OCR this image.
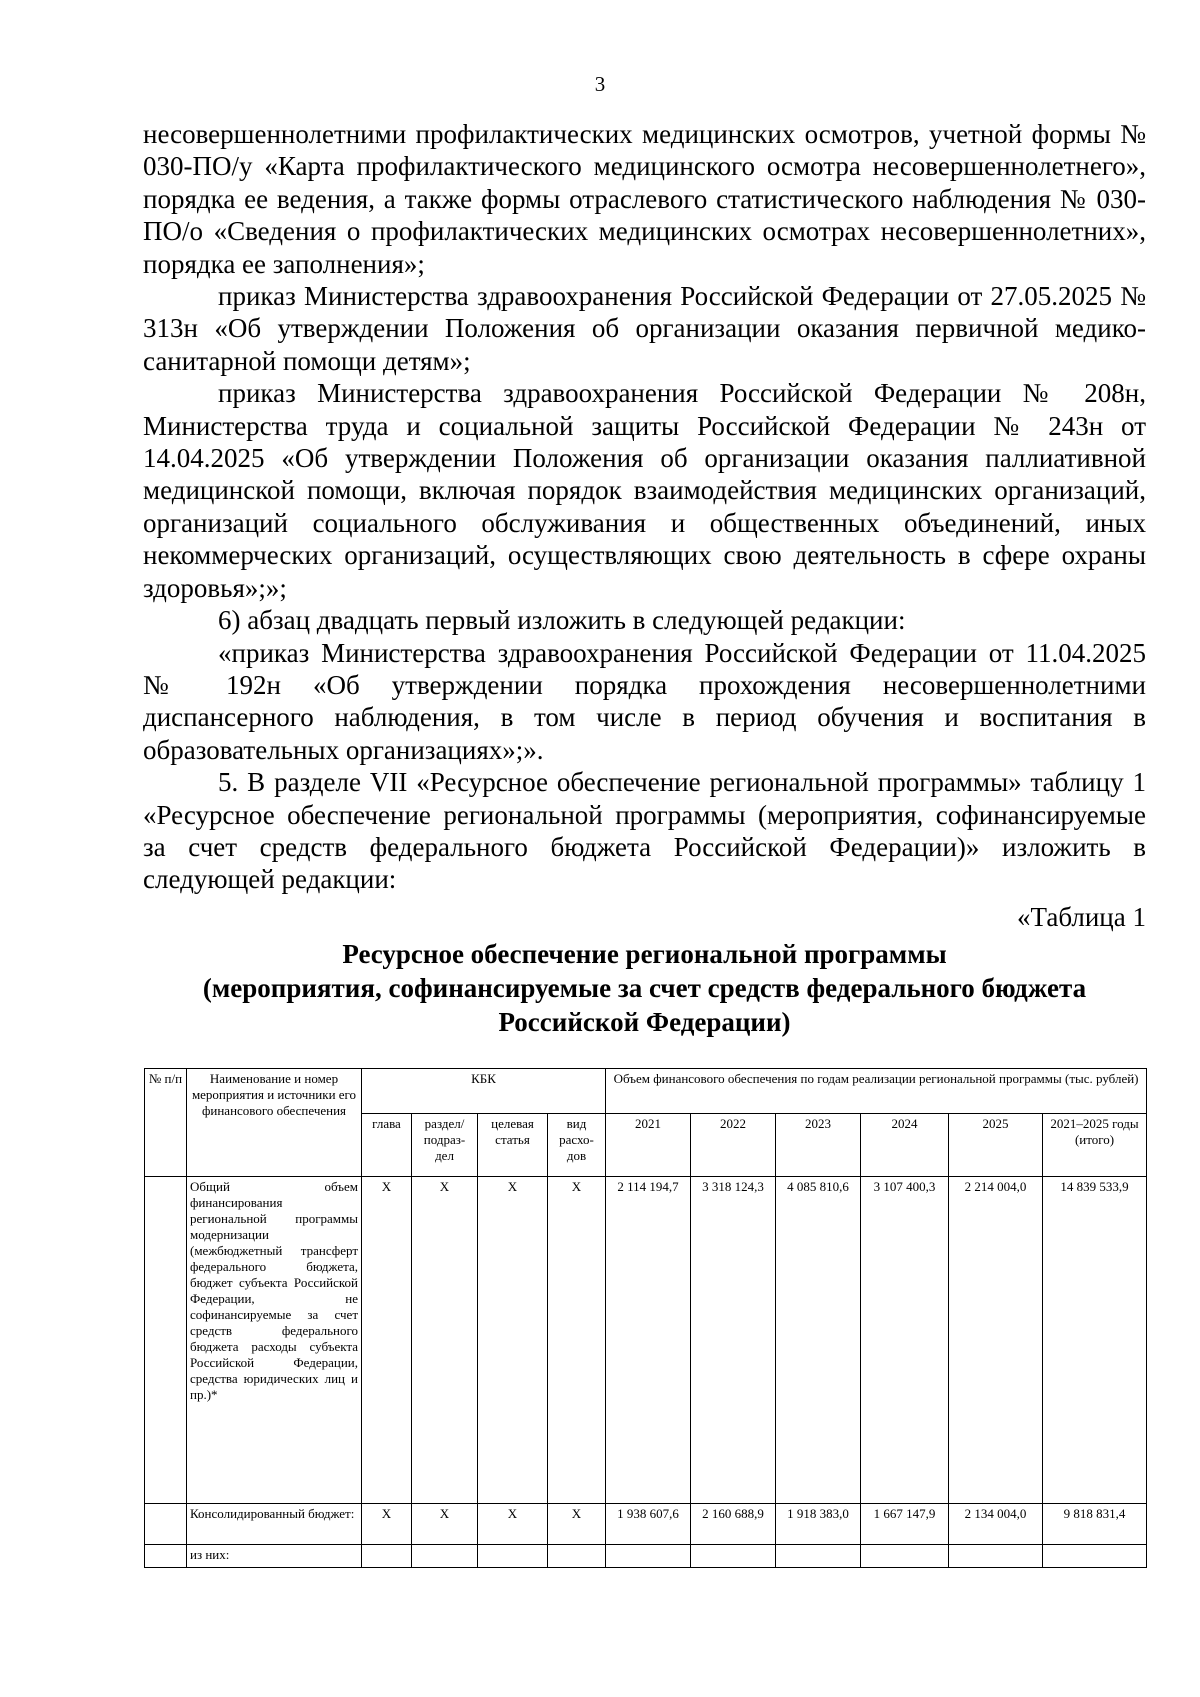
3

несовершеннолетними профилактических медицинских осмотров, учетной формы № 030-ПО/у «Карта профилактического медицинского осмотра несовершеннолетнего», порядка ее ведения, а также формы отраслевого статистического наблюдения № 030-ПО/о «Сведения о профилактических медицинских осмотрах несовершеннолетних», порядка ее заполнения»;

приказ Министерства здравоохранения Российской Федерации от 27.05.2025 № 313н «Об утверждении Положения об организации оказания первичной медико-санитарной помощи детям»;

приказ Министерства здравоохранения Российской Федерации № 208н, Министерства труда и социальной защиты Российской Федерации № 243н от 14.04.2025 «Об утверждении Положения об организации оказания паллиативной медицинской помощи, включая порядок взаимодействия медицинских организаций, организаций социального обслуживания и общественных объединений, иных некоммерческих организаций, осуществляющих свою деятельность в сфере охраны здоровья»;»;

6) абзац двадцать первый изложить в следующей редакции:

«приказ Министерства здравоохранения Российской Федерации от 11.04.2025 № 192н «Об утверждении порядка прохождения несовершеннолетними диспансерного наблюдения, в том числе в период обучения и воспитания в образовательных организациях»;».

5. В разделе VII «Ресурсное обеспечение региональной программы» таблицу 1 «Ресурсное обеспечение региональной программы (мероприятия, софинансируемые за счет средств федерального бюджета Российской Федерации)» изложить в следующей редакции:

«Таблица 1

Ресурсное обеспечение региональной программы
(мероприятия, софинансируемые за счет средств федерального бюджета
Российской Федерации)

№ п/п	Наименование и номер мероприятия и источники его финансового обеспечения	КБК				Объем финансового обеспечения по годам реализации региональной программы (тыс. рублей)					
		глава	раздел/ подраз-дел	целевая статья	вид расхо-дов	2021	2022	2023	2024	2025	2021–2025 годы (итого)
	Общий объем финансирования региональной программы модернизации (межбюджетный трансферт федерального бюджета, бюджет субъекта Российской Федерации, не софинансируемые за счет средств федерального бюджета расходы субъекта Российской Федерации, средства юридических лиц и пр.)*	Х	Х	Х	Х	2 114 194,7	3 318 124,3	4 085 810,6	3 107 400,3	2 214 004,0	14 839 533,9
	Консолидированный бюджет:	Х	Х	Х	Х	1 938 607,6	2 160 688,9	1 918 383,0	1 667 147,9	2 134 004,0	9 818 831,4
	из них:										
